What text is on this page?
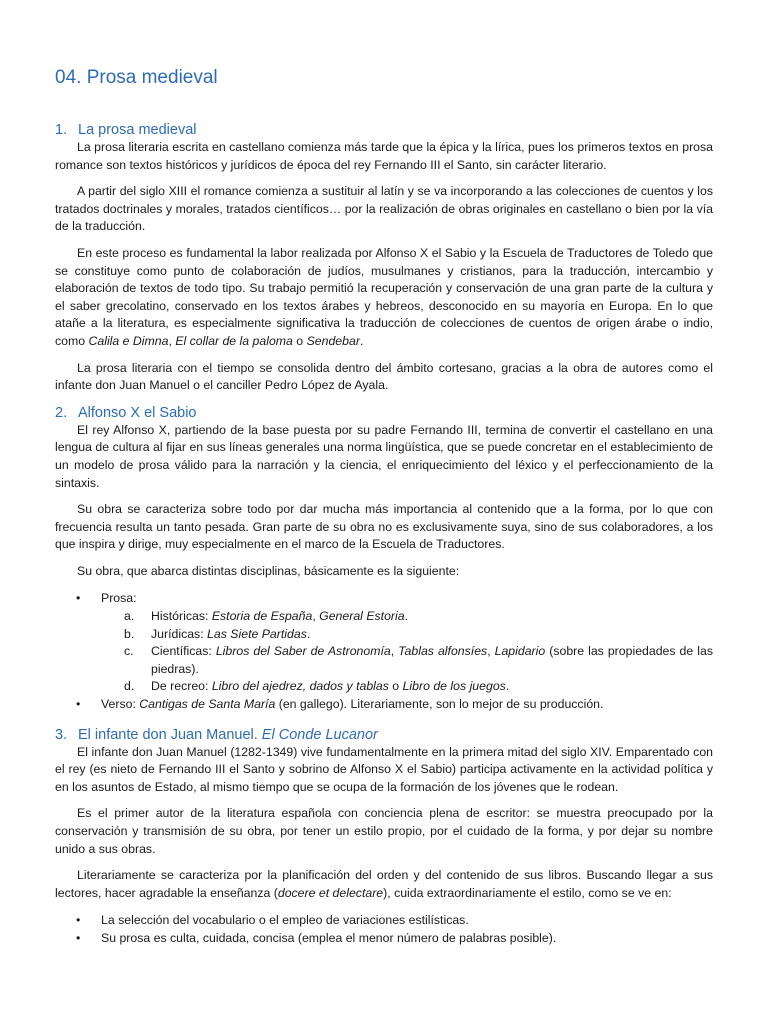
04. Prosa medieval
1. La prosa medieval

La prosa literaria escrita en castellano comienza más tarde que la épica y la lírica, pues los primeros textos en prosa romance son textos históricos y jurídicos de época del rey Fernando III el Santo, sin carácter literario.

A partir del siglo XIII el romance comienza a sustituir al latín y se va incorporando a las colecciones de cuentos y los tratados doctrinales y morales, tratados científicos… por la realización de obras originales en castellano o bien por la vía de la traducción.

En este proceso es fundamental la labor realizada por Alfonso X el Sabio y la Escuela de Traductores de Toledo que se constituye como punto de colaboración de judíos, musulmanes y cristianos, para la traducción, intercambio y elaboración de textos de todo tipo. Su trabajo permitió la recuperación y conservación de una gran parte de la cultura y el saber grecolatino, conservado en los textos árabes y hebreos, desconocido en su mayoría en Europa. En lo que atañe a la literatura, es especialmente significativa la traducción de colecciones de cuentos de origen árabe o indio, como Calila e Dimna, El collar de la paloma o Sendebar.

La prosa literaria con el tiempo se consolida dentro del ámbito cortesano, gracias a la obra de autores como el infante don Juan Manuel o el canciller Pedro López de Ayala.

2. Alfonso X el Sabio

El rey Alfonso X, partiendo de la base puesta por su padre Fernando III, termina de convertir el castellano en una lengua de cultura al fijar en sus líneas generales una norma lingüística, que se puede concretar en el establecimiento de un modelo de prosa válido para la narración y la ciencia, el enriquecimiento del léxico y el perfeccionamiento de la sintaxis.

Su obra se caracteriza sobre todo por dar mucha más importancia al contenido que a la forma, por lo que con frecuencia resulta un tanto pesada. Gran parte de su obra no es exclusivamente suya, sino de sus colaboradores, a los que inspira y dirige, muy especialmente en el marco de la Escuela de Traductores.

Su obra, que abarca distintas disciplinas, básicamente es la siguiente:

• Prosa:
a. Históricas: Estoria de España, General Estoria.
b. Jurídicas: Las Siete Partidas.
c. Científicas: Libros del Saber de Astronomía, Tablas alfonsíes, Lapidario (sobre las propiedades de las piedras).
d. De recreo: Libro del ajedrez, dados y tablas o Libro de los juegos.
• Verso: Cantigas de Santa María (en gallego). Literariamente, son lo mejor de su producción.
3. El infante don Juan Manuel. El Conde Lucanor

El infante don Juan Manuel (1282-1349) vive fundamentalmente en la primera mitad del siglo XIV. Emparentado con el rey (es nieto de Fernando III el Santo y sobrino de Alfonso X el Sabio) participa activamente en la actividad política y en los asuntos de Estado, al mismo tiempo que se ocupa de la formación de los jóvenes que le rodean.

Es el primer autor de la literatura española con conciencia plena de escritor: se muestra preocupado por la conservación y transmisión de su obra, por tener un estilo propio, por el cuidado de la forma, y por dejar su nombre unido a sus obras.

Literariamente se caracteriza por la planificación del orden y del contenido de sus libros. Buscando llegar a sus lectores, hacer agradable la enseñanza (docere et delectare), cuida extraordinariamente el estilo, como se ve en:

• La selección del vocabulario o el empleo de variaciones estilísticas.
• Su prosa es culta, cuidada, concisa (emplea el menor número de palabras posible).
